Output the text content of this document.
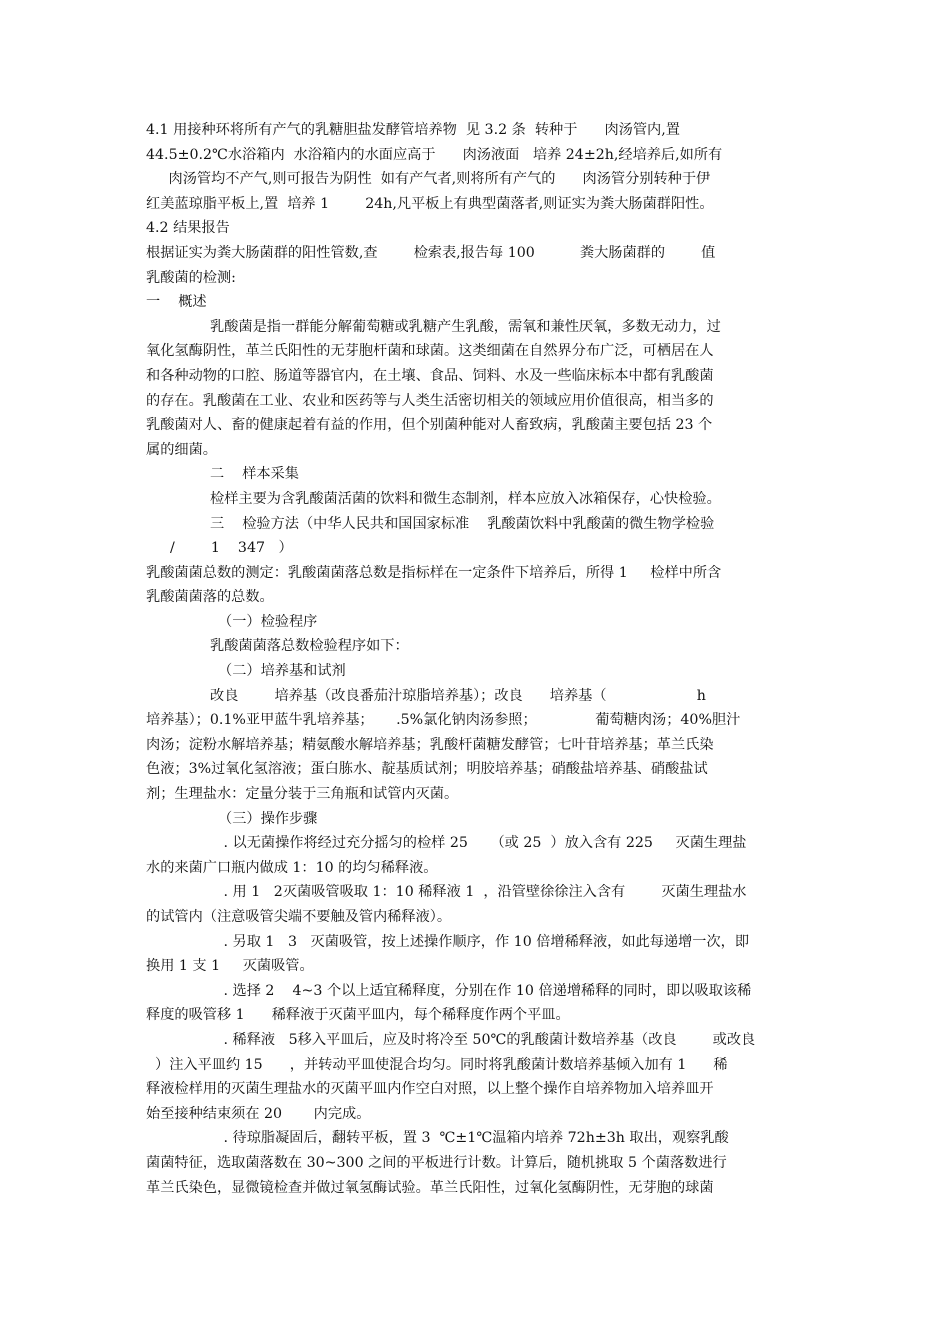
4.1 用接种环将所有产气的乳糖胆盐发酵管培养物  见 3.2 条  转种于      肉汤管内,置
44.5±0.2℃水浴箱内  水浴箱内的水面应高于      肉汤液面   培养 24±2h,经培养后,如所有
肉汤管均不产气,则可报告为阴性  如有产气者,则将所有产气的      肉汤管分别转种于伊
红美蓝琼脂平板上,置  培养 1        24h,凡平板上有典型菌落者,则证实为粪大肠菌群阳性。
4.2 结果报告
根据证实为粪大肠菌群的阳性管数,查        检索表,报告每 100          粪大肠菌群的        值
乳酸菌的检测:
一    概述
乳酸菌是指一群能分解葡萄糖或乳糖产生乳酸，需氧和兼性厌氧，多数无动力，过
氧化氢酶阴性，革兰氏阳性的无芽胞杆菌和球菌。这类细菌在自然界分布广泛，可栖居在人
和各种动物的口腔、肠道等器官内，在土壤、食品、饲料、水及一些临床标本中都有乳酸菌
的存在。乳酸菌在工业、农业和医药等与人类生活密切相关的领域应用价值很高，相当多的
乳酸菌对人、畜的健康起着有益的作用，但个别菌种能对人畜致病，乳酸菌主要包括 23 个
属的细菌。
二    样本采集
检样主要为含乳酸菌活菌的饮料和微生态制剂，样本应放入冰箱保存，心快检验。
三    检验方法（中华人民共和国国家标准    乳酸菌饮料中乳酸菌的微生物学检验
/        1    347   ）
乳酸菌菌总数的测定：乳酸菌菌落总数是指标样在一定条件下培养后，所得 1     检样中所含
乳酸菌菌落的总数。
（一）检验程序
乳酸菌菌落总数检验程序如下：
（二）培养基和试剂
改良        培养基（改良番茄汁琼脂培养基）；改良      培养基（                    h
培养基）；0.1%亚甲蓝牛乳培养基；     .5%氯化钠肉汤参照；             葡萄糖肉汤；40%胆汁
肉汤；淀粉水解培养基；精氨酸水解培养基；乳酸杆菌糖发酵管；七叶苷培养基；革兰氏染
色液；3%过氧化氢溶液；蛋白胨水、靛基质试剂；明胶培养基；硝酸盐培养基、硝酸盐试
剂；生理盐水：定量分装于三角瓶和试管内灭菌。
（三）操作步骤
. 以无菌操作将经过充分摇匀的检样 25     （或 25  ）放入含有 225     灭菌生理盐
水的来菌广口瓶内做成 1：10 的均匀稀释液。
. 用 1   2灭菌吸管吸取 1：10 稀释液 1  ，沿管壁徐徐注入含有        灭菌生理盐水
的试管内（注意吸管尖端不要触及管内稀释液）。
. 另取 1   3   灭菌吸管，按上述操作顺序，作 10 倍增稀释液，如此每递增一次，即
换用 1 支 1     灭菌吸管。
. 选择 2    4~3 个以上适宜稀释度，分别在作 10 倍递增稀释的同时，即以吸取该稀
释度的吸管移 1      稀释液于灭菌平皿内，每个稀释度作两个平皿。
. 稀释液   5移入平皿后，应及时将冷至 50℃的乳酸菌计数培养基（改良        或改良
）注入平皿约 15      ，并转动平皿使混合均匀。同时将乳酸菌计数培养基倾入加有 1      稀
释液检样用的灭菌生理盐水的灭菌平皿内作空白对照，以上整个操作自培养物加入培养皿开
始至接种结束须在 20       内完成。
. 待琼脂凝固后，翻转平板，置 3  ℃±1℃温箱内培养 72h±3h 取出，观察乳酸
菌菌特征，选取菌落数在 30~300 之间的平板进行计数。计算后，随机挑取 5 个菌落数进行
革兰氏染色，显微镜检查并做过氧氢酶试验。革兰氏阳性，过氧化氢酶阴性，无芽胞的球菌
